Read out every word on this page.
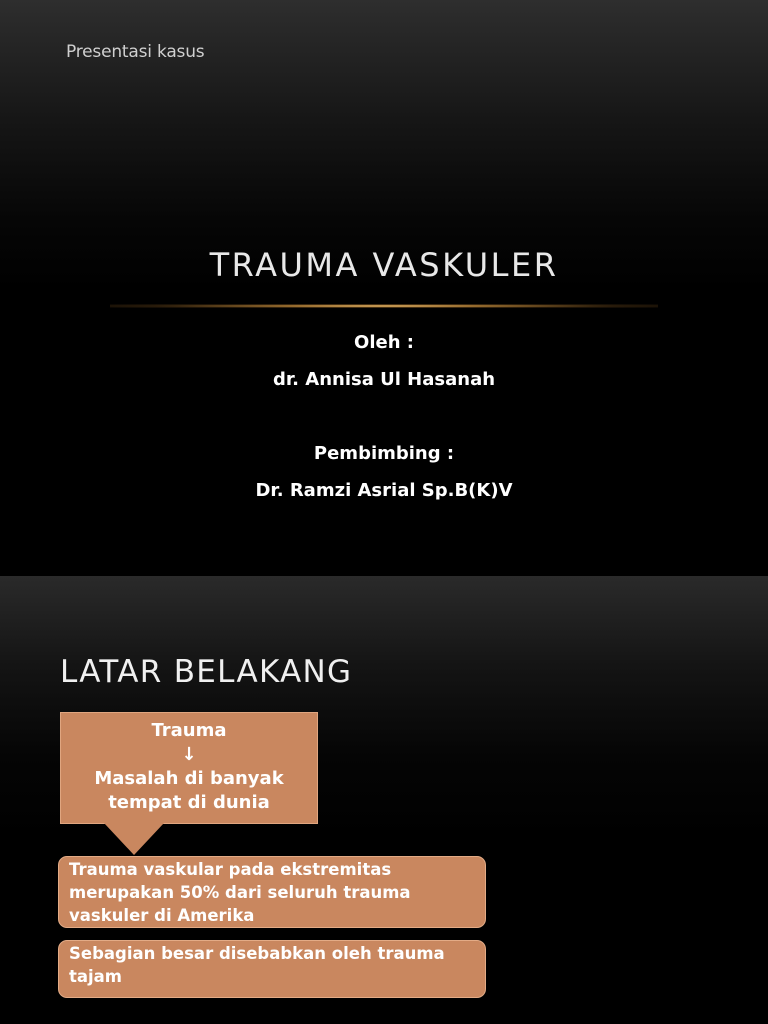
Presentasi kasus
TRAUMA VASKULER
Oleh :
dr. Annisa Ul Hasanah
Pembimbing :
Dr. Ramzi Asrial Sp.B(K)V
LATAR BELAKANG
Trauma
↓
Masalah di banyak
tempat di dunia
Trauma vaskular pada ekstremitas merupakan 50% dari seluruh trauma vaskuler di Amerika
Sebagian besar disebabkan oleh trauma tajam
